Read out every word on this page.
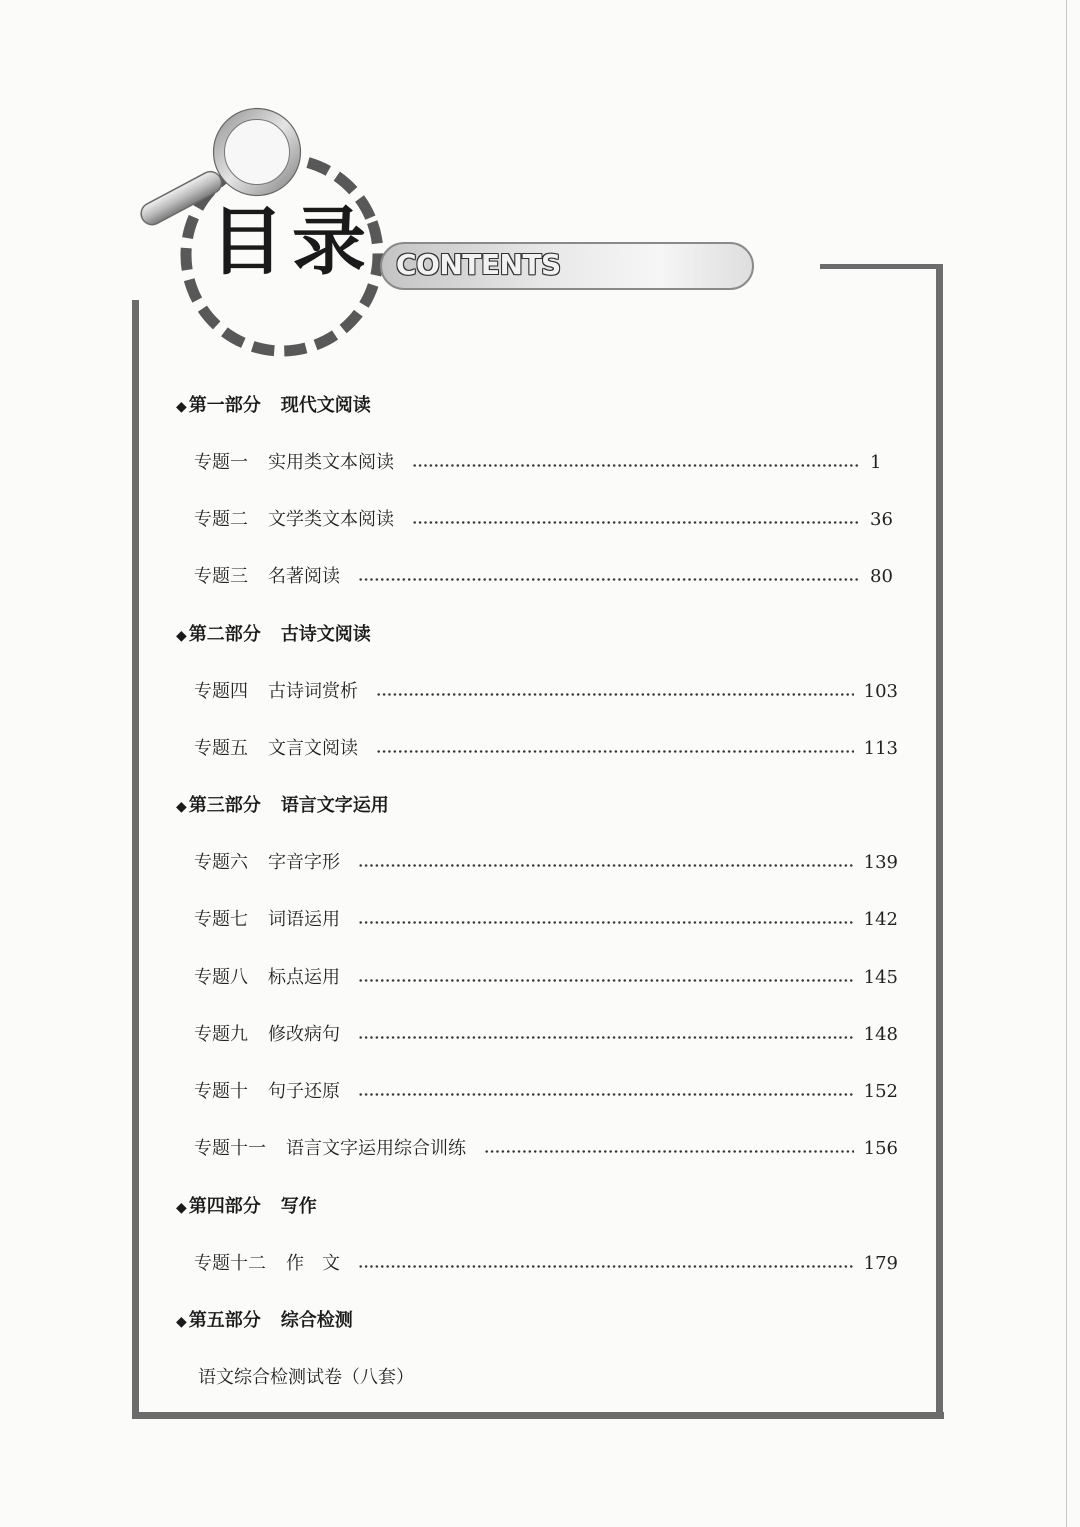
目录 CONTENTS
◆ 第一部分 现代文阅读
专题一 实用类文本阅读	1
专题二 文学类文本阅读	36
专题三 名著阅读	80
◆ 第二部分 古诗文阅读
专题四 古诗词赏析	103
专题五 文言文阅读	113
◆ 第三部分 语言文字运用
专题六 字音字形	139
专题七 词语运用	142
专题八 标点运用	145
专题九 修改病句	148
专题十 句子还原	152
专题十一 语言文字运用综合训练	156
◆ 第四部分 写作
专题十二 作　文	179
◆ 第五部分 综合检测
语文综合检测试卷（八套）
